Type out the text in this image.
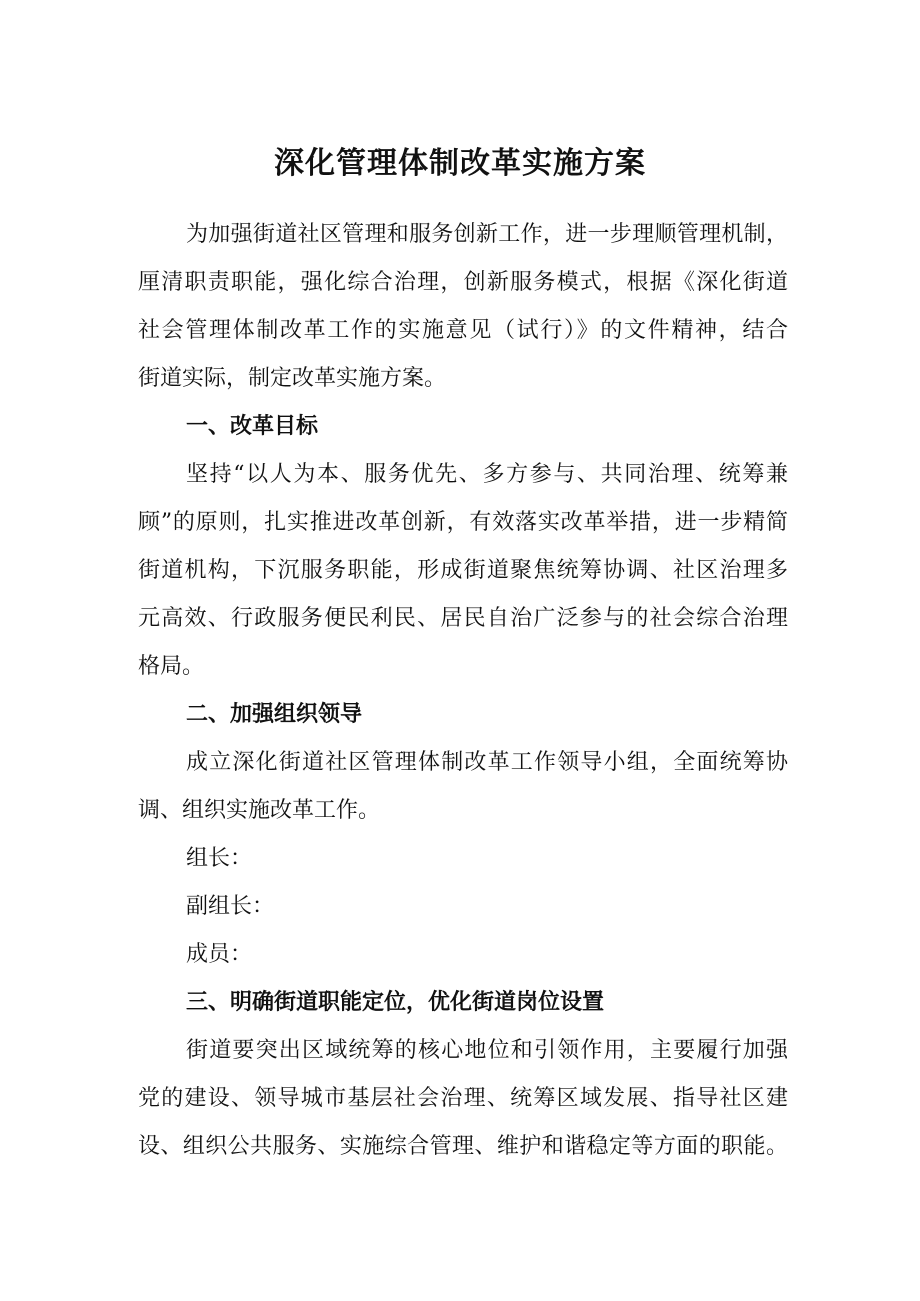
深化管理体制改革实施方案
为加强街道社区管理和服务创新工作，进一步理顺管理机制，
厘清职责职能，强化综合治理，创新服务模式，根据《深化街道
社会管理体制改革工作的实施意见（试行）》的文件精神，结合
街道实际，制定改革实施方案。
一、改革目标
坚持“以人为本、服务优先、多方参与、共同治理、统筹兼
顾”的原则，扎实推进改革创新，有效落实改革举措，进一步精简
街道机构，下沉服务职能，形成街道聚焦统筹协调、社区治理多
元高效、行政服务便民利民、居民自治广泛参与的社会综合治理
格局。
二、加强组织领导
成立深化街道社区管理体制改革工作领导小组，全面统筹协
调、组织实施改革工作。
组长：
副组长：
成员：
三、明确街道职能定位，优化街道岗位设置
街道要突出区域统筹的核心地位和引领作用，主要履行加强
党的建设、领导城市基层社会治理、统筹区域发展、指导社区建
设、组织公共服务、实施综合管理、维护和谐稳定等方面的职能。
